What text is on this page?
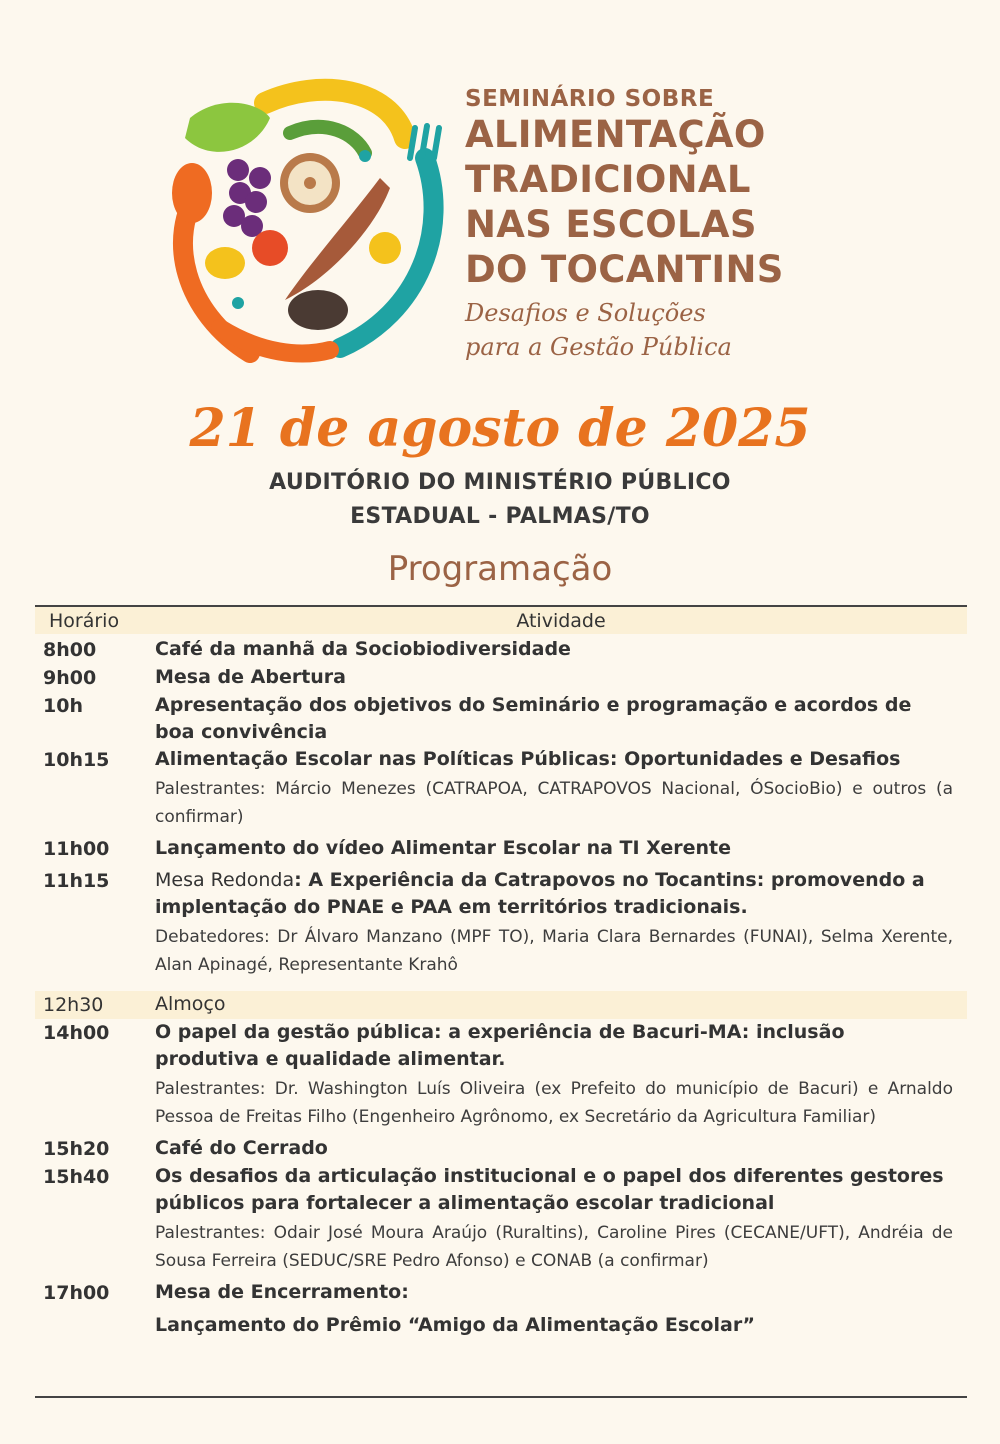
SEMINÁRIO SOBRE
ALIMENTAÇÃO
TRADICIONAL
NAS ESCOLAS
DO TOCANTINS
Desafios e Soluções
para a Gestão Pública
21 de agosto de 2025
AUDITÓRIO DO MINISTÉRIO PÚBLICO
ESTADUAL - PALMAS/TO
Programação
Horário	Atividade
8h00	Café da manhã da Sociobiodiversidade
9h00	Mesa de Abertura
10h	Apresentação dos objetivos do Seminário e programação e acordos de boa convivência
10h15	Alimentação Escolar nas Políticas Públicas: Oportunidades e Desafios
Palestrantes: Márcio Menezes (CATRAPOA, CATRAPOVOS Nacional, ÓSocioBio) e outros (a confirmar)
11h00	Lançamento do vídeo Alimentar Escolar na TI Xerente
11h15	Mesa Redonda: A Experiência da Catrapovos no Tocantins: promovendo a implentação do PNAE e PAA em territórios tradicionais.
Debatedores: Dr Álvaro Manzano (MPF TO), Maria Clara Bernardes (FUNAI), Selma Xerente, Alan Apinagé, Representante Krahô
12h30	Almoço
14h00	O papel da gestão pública: a experiência de Bacuri-MA: inclusão produtiva e qualidade alimentar.
Palestrantes: Dr. Washington Luís Oliveira (ex Prefeito do município de Bacuri) e Arnaldo Pessoa de Freitas Filho (Engenheiro Agrônomo, ex Secretário da Agricultura Familiar)
15h20	Café do Cerrado
15h40	Os desafios da articulação institucional e o papel dos diferentes gestores públicos para fortalecer a alimentação escolar tradicional
Palestrantes: Odair José Moura Araújo (Ruraltins), Caroline Pires (CECANE/UFT), Andréia de Sousa Ferreira (SEDUC/SRE Pedro Afonso) e CONAB (a confirmar)
17h00	Mesa de Encerramento:
Lançamento do Prêmio “Amigo da Alimentação Escolar”
